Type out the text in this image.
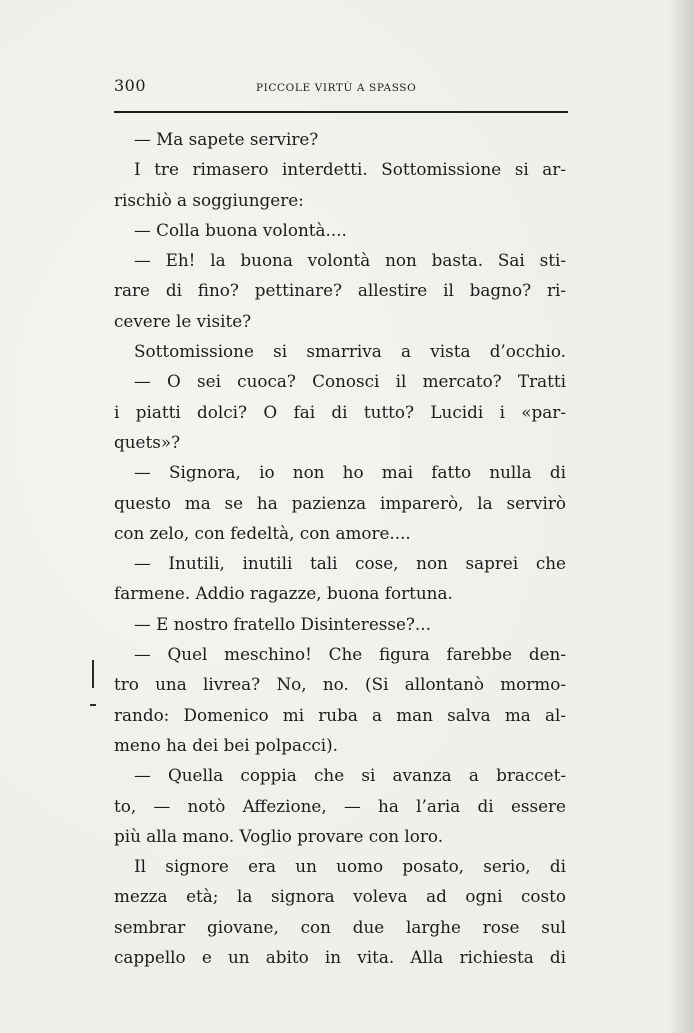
300	PICCOLE VIRTÙ A SPASSO
— Ma sapete servire?
I tre rimasero interdetti. Sottomissione si ar-
rischiò a soggiungere:
— Colla buona volontà....
— Eh! la buona volontà non basta. Sai sti-
rare di fino? pettinare? allestire il bagno? ri-
cevere le visite?
Sottomissione si smarriva a vista d’occhio.
— O sei cuoca? Conosci il mercato? Tratti
i piatti dolci? O fai di tutto? Lucidi i «par-
quets»?
— Signora, io non ho mai fatto nulla di
questo ma se ha pazienza imparerò, la servirò
con zelo, con fedeltà, con amore....
— Inutili, inutili tali cose, non saprei che
farmene. Addio ragazze, buona fortuna.
— E nostro fratello Disinteresse?...
— Quel meschino! Che figura farebbe den-
tro una livrea? No, no. (Si allontanò mormo-
rando: Domenico mi ruba a man salva ma al-
meno ha dei bei polpacci).
— Quella coppia che si avanza a braccet-
to, — notò Affezione, — ha l’aria di essere
più alla mano. Voglio provare con loro.
Il signore era un uomo posato, serio, di
mezza età; la signora voleva ad ogni costo
sembrar giovane, con due larghe rose sul
cappello e un abito in vita. Alla richiesta di
